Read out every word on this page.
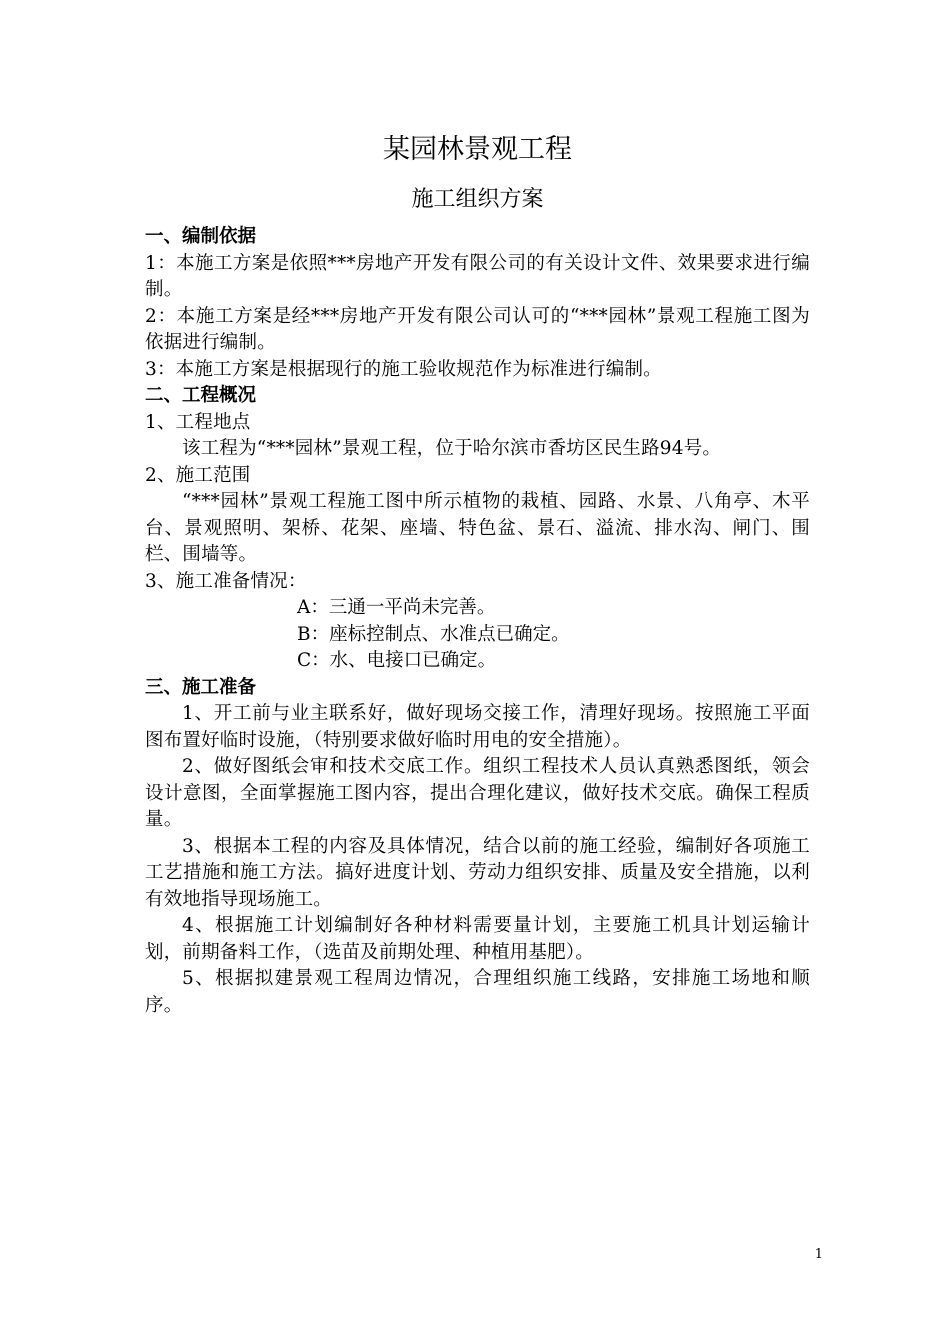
某园林景观工程
施工组织方案

一、编制依据

1：本施工方案是依照***房地产开发有限公司的有关设计文件、效果要求进行编制。

2：本施工方案是经***房地产开发有限公司认可的“***园林”景观工程施工图为依据进行编制。

3：本施工方案是根据现行的施工验收规范作为标准进行编制。

二、工程概况

1、工程地点

该工程为“***园林”景观工程，位于哈尔滨市香坊区民生路94号。

2、施工范围

“***园林”景观工程施工图中所示植物的栽植、园路、水景、八角亭、木平台、景观照明、架桥、花架、座墙、特色盆、景石、溢流、排水沟、闸门、围栏、围墙等。

3、施工准备情况：

A：三通一平尚未完善。

B：座标控制点、水准点已确定。

C：水、电接口已确定。

三、施工准备

1、开工前与业主联系好，做好现场交接工作，清理好现场。按照施工平面图布置好临时设施，（特别要求做好临时用电的安全措施）。

2、做好图纸会审和技术交底工作。组织工程技术人员认真熟悉图纸，领会设计意图，全面掌握施工图内容，提出合理化建议，做好技术交底。确保工程质量。

3、根据本工程的内容及具体情况，结合以前的施工经验，编制好各项施工工艺措施和施工方法。搞好进度计划、劳动力组织安排、质量及安全措施，以利有效地指导现场施工。

4、根据施工计划编制好各种材料需要量计划，主要施工机具计划运输计划，前期备料工作，（选苗及前期处理、种植用基肥）。

5、根据拟建景观工程周边情况，合理组织施工线路，安排施工场地和顺序。

1
